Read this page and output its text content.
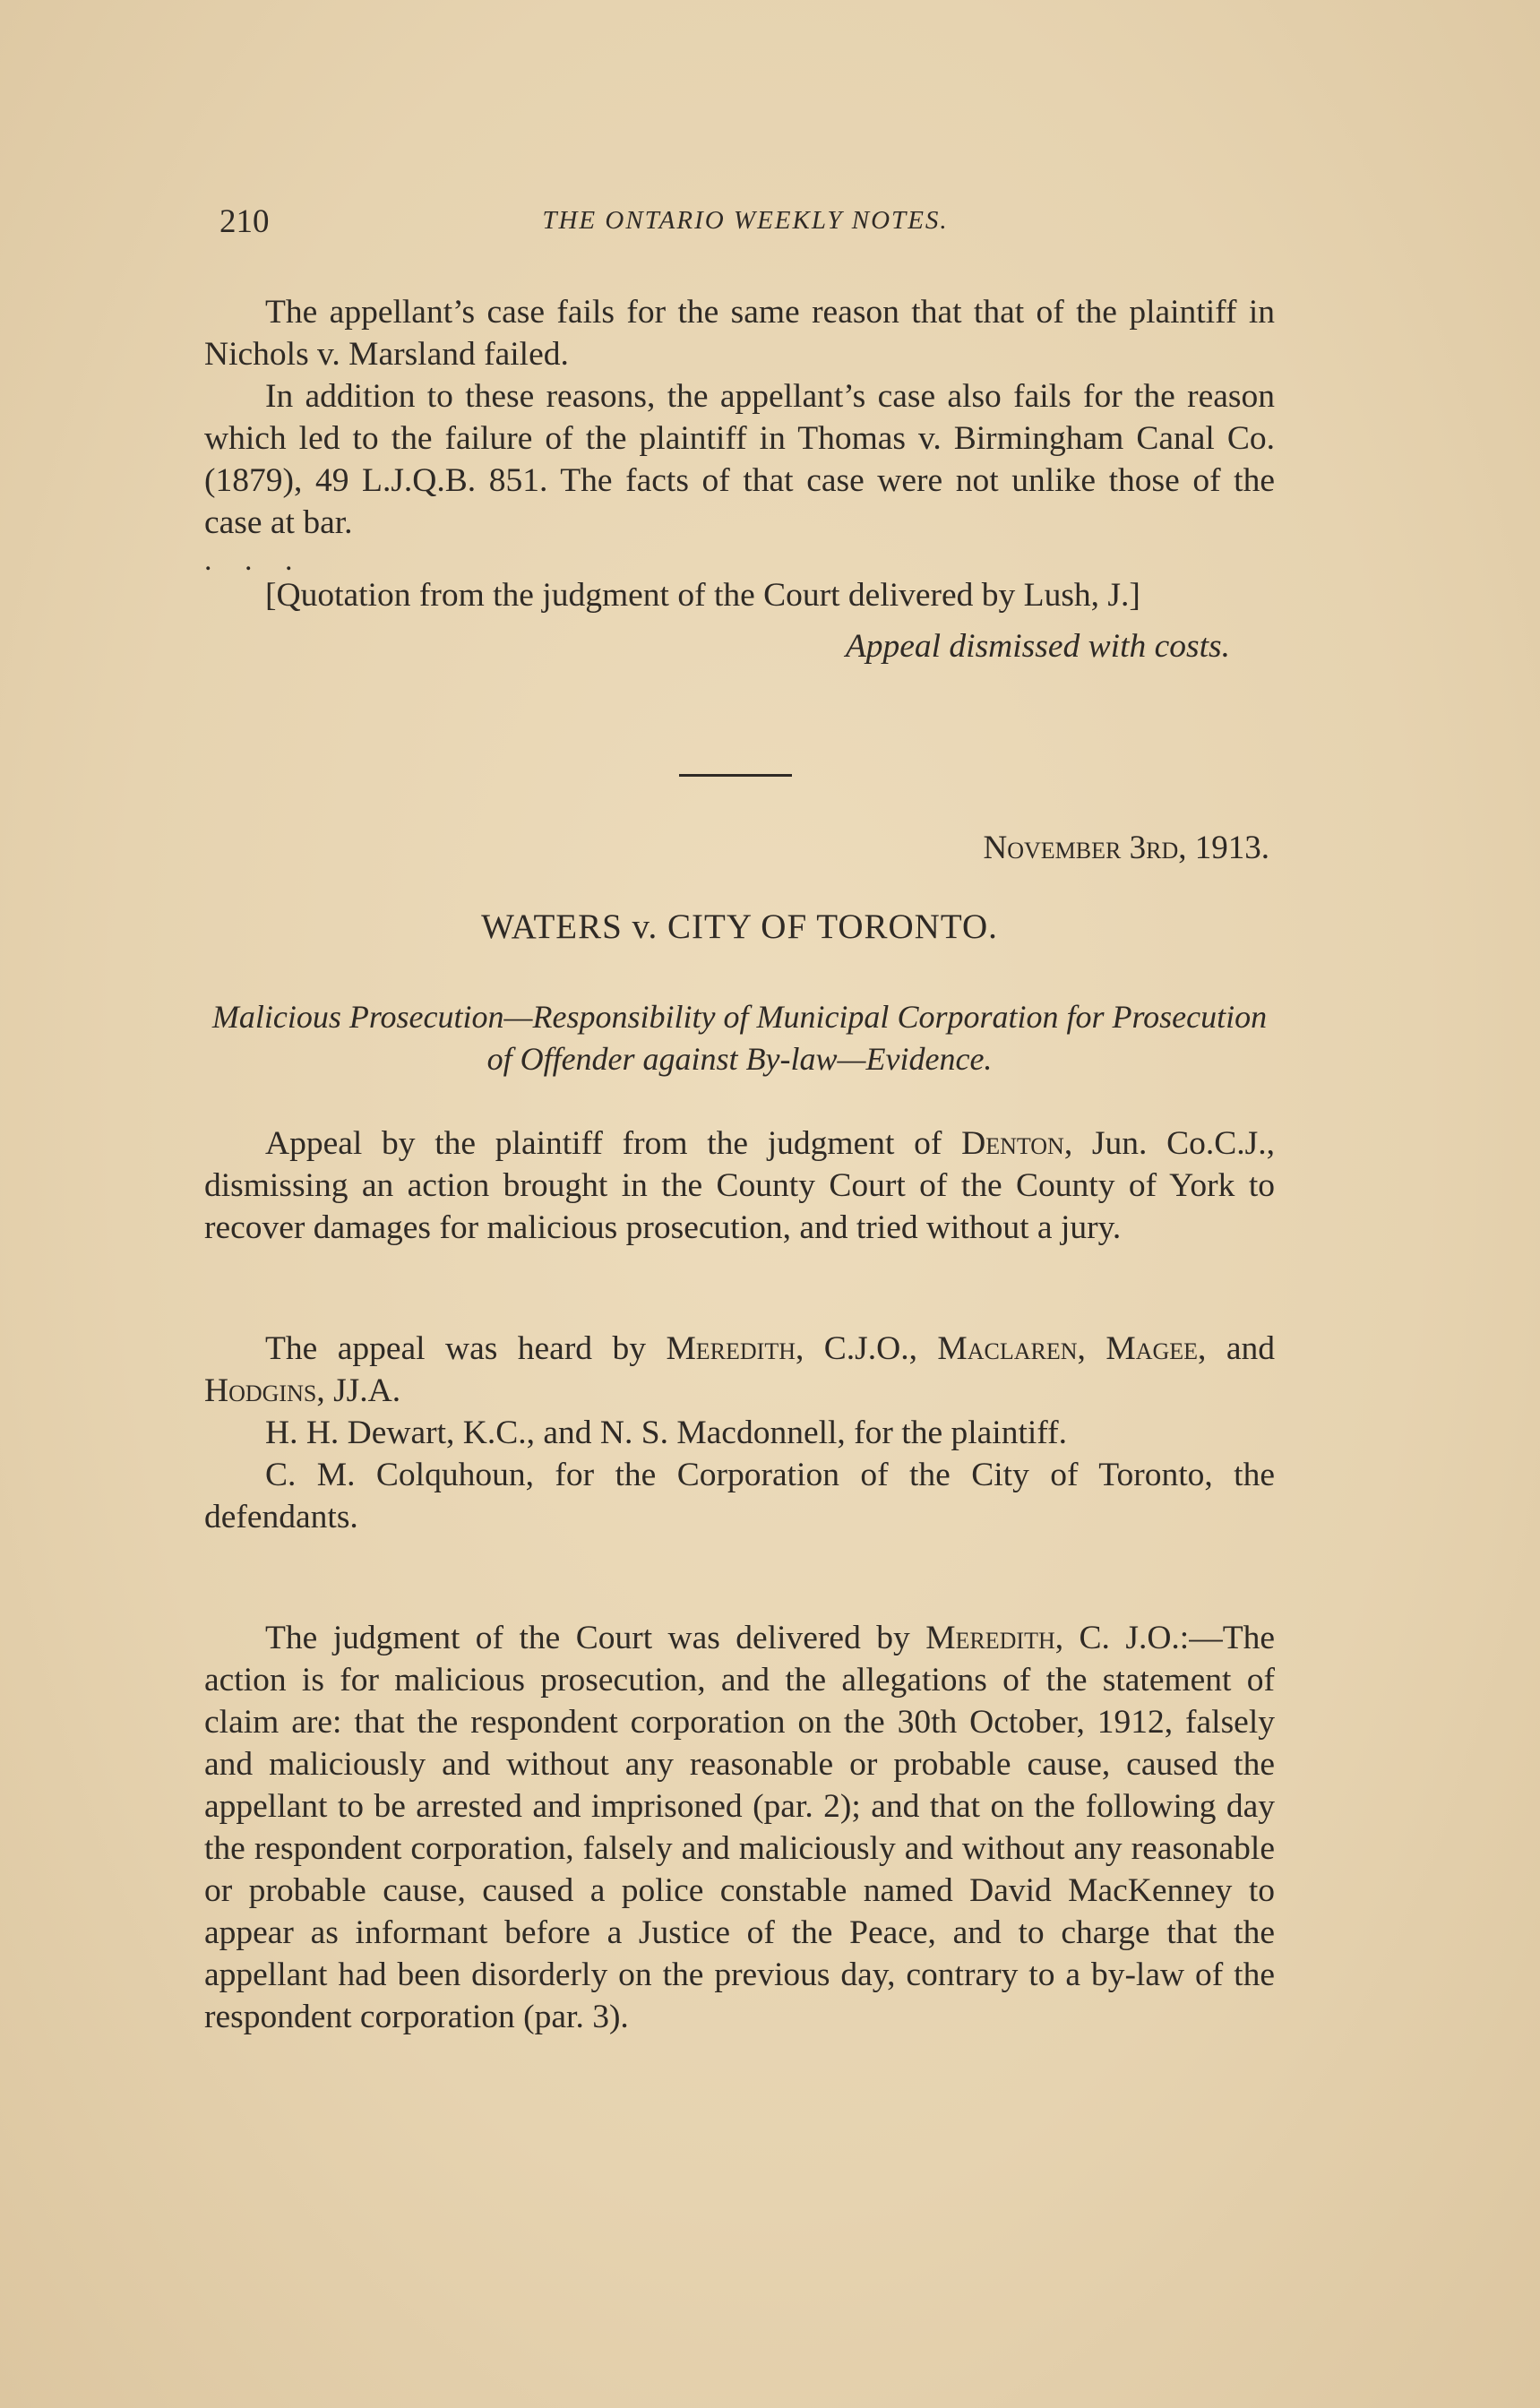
210	THE ONTARIO WEEKLY NOTES.

The appellant’s case fails for the same reason that that of the plaintiff in Nichols v. Marsland failed.

In addition to these reasons, the appellant’s case also fails for the reason which led to the failure of the plaintiff in Thomas v. Birmingham Canal Co. (1879), 49 L.J.Q.B. 851. The facts of that case were not unlike those of the case at bar.

. . .

[Quotation from the judgment of the Court delivered by Lush, J.]

Appeal dismissed with costs.
November 3rd, 1913.
WATERS v. CITY OF TORONTO.
Malicious Prosecution—Responsibility of Municipal Corporation for Prosecution of Offender against By-law—Evidence.

Appeal by the plaintiff from the judgment of Denton, Jun. Co.C.J., dismissing an action brought in the County Court of the County of York to recover damages for malicious prosecution, and tried without a jury.

The appeal was heard by Meredith, C.J.O., Maclaren, Magee, and Hodgins, JJ.A.

H. H. Dewart, K.C., and N. S. Macdonnell, for the plaintiff.

C. M. Colquhoun, for the Corporation of the City of Toronto, the defendants.

The judgment of the Court was delivered by Meredith, C. J.O.:—The action is for malicious prosecution, and the allegations of the statement of claim are: that the respondent corporation on the 30th October, 1912, falsely and maliciously and without any reasonable or probable cause, caused the appellant to be arrested and imprisoned (par. 2); and that on the following day the respondent corporation, falsely and maliciously and without any reasonable or probable cause, caused a police constable named David MacKenney to appear as informant before a Justice of the Peace, and to charge that the appellant had been disorderly on the previous day, contrary to a by-law of the respondent corporation (par. 3).
